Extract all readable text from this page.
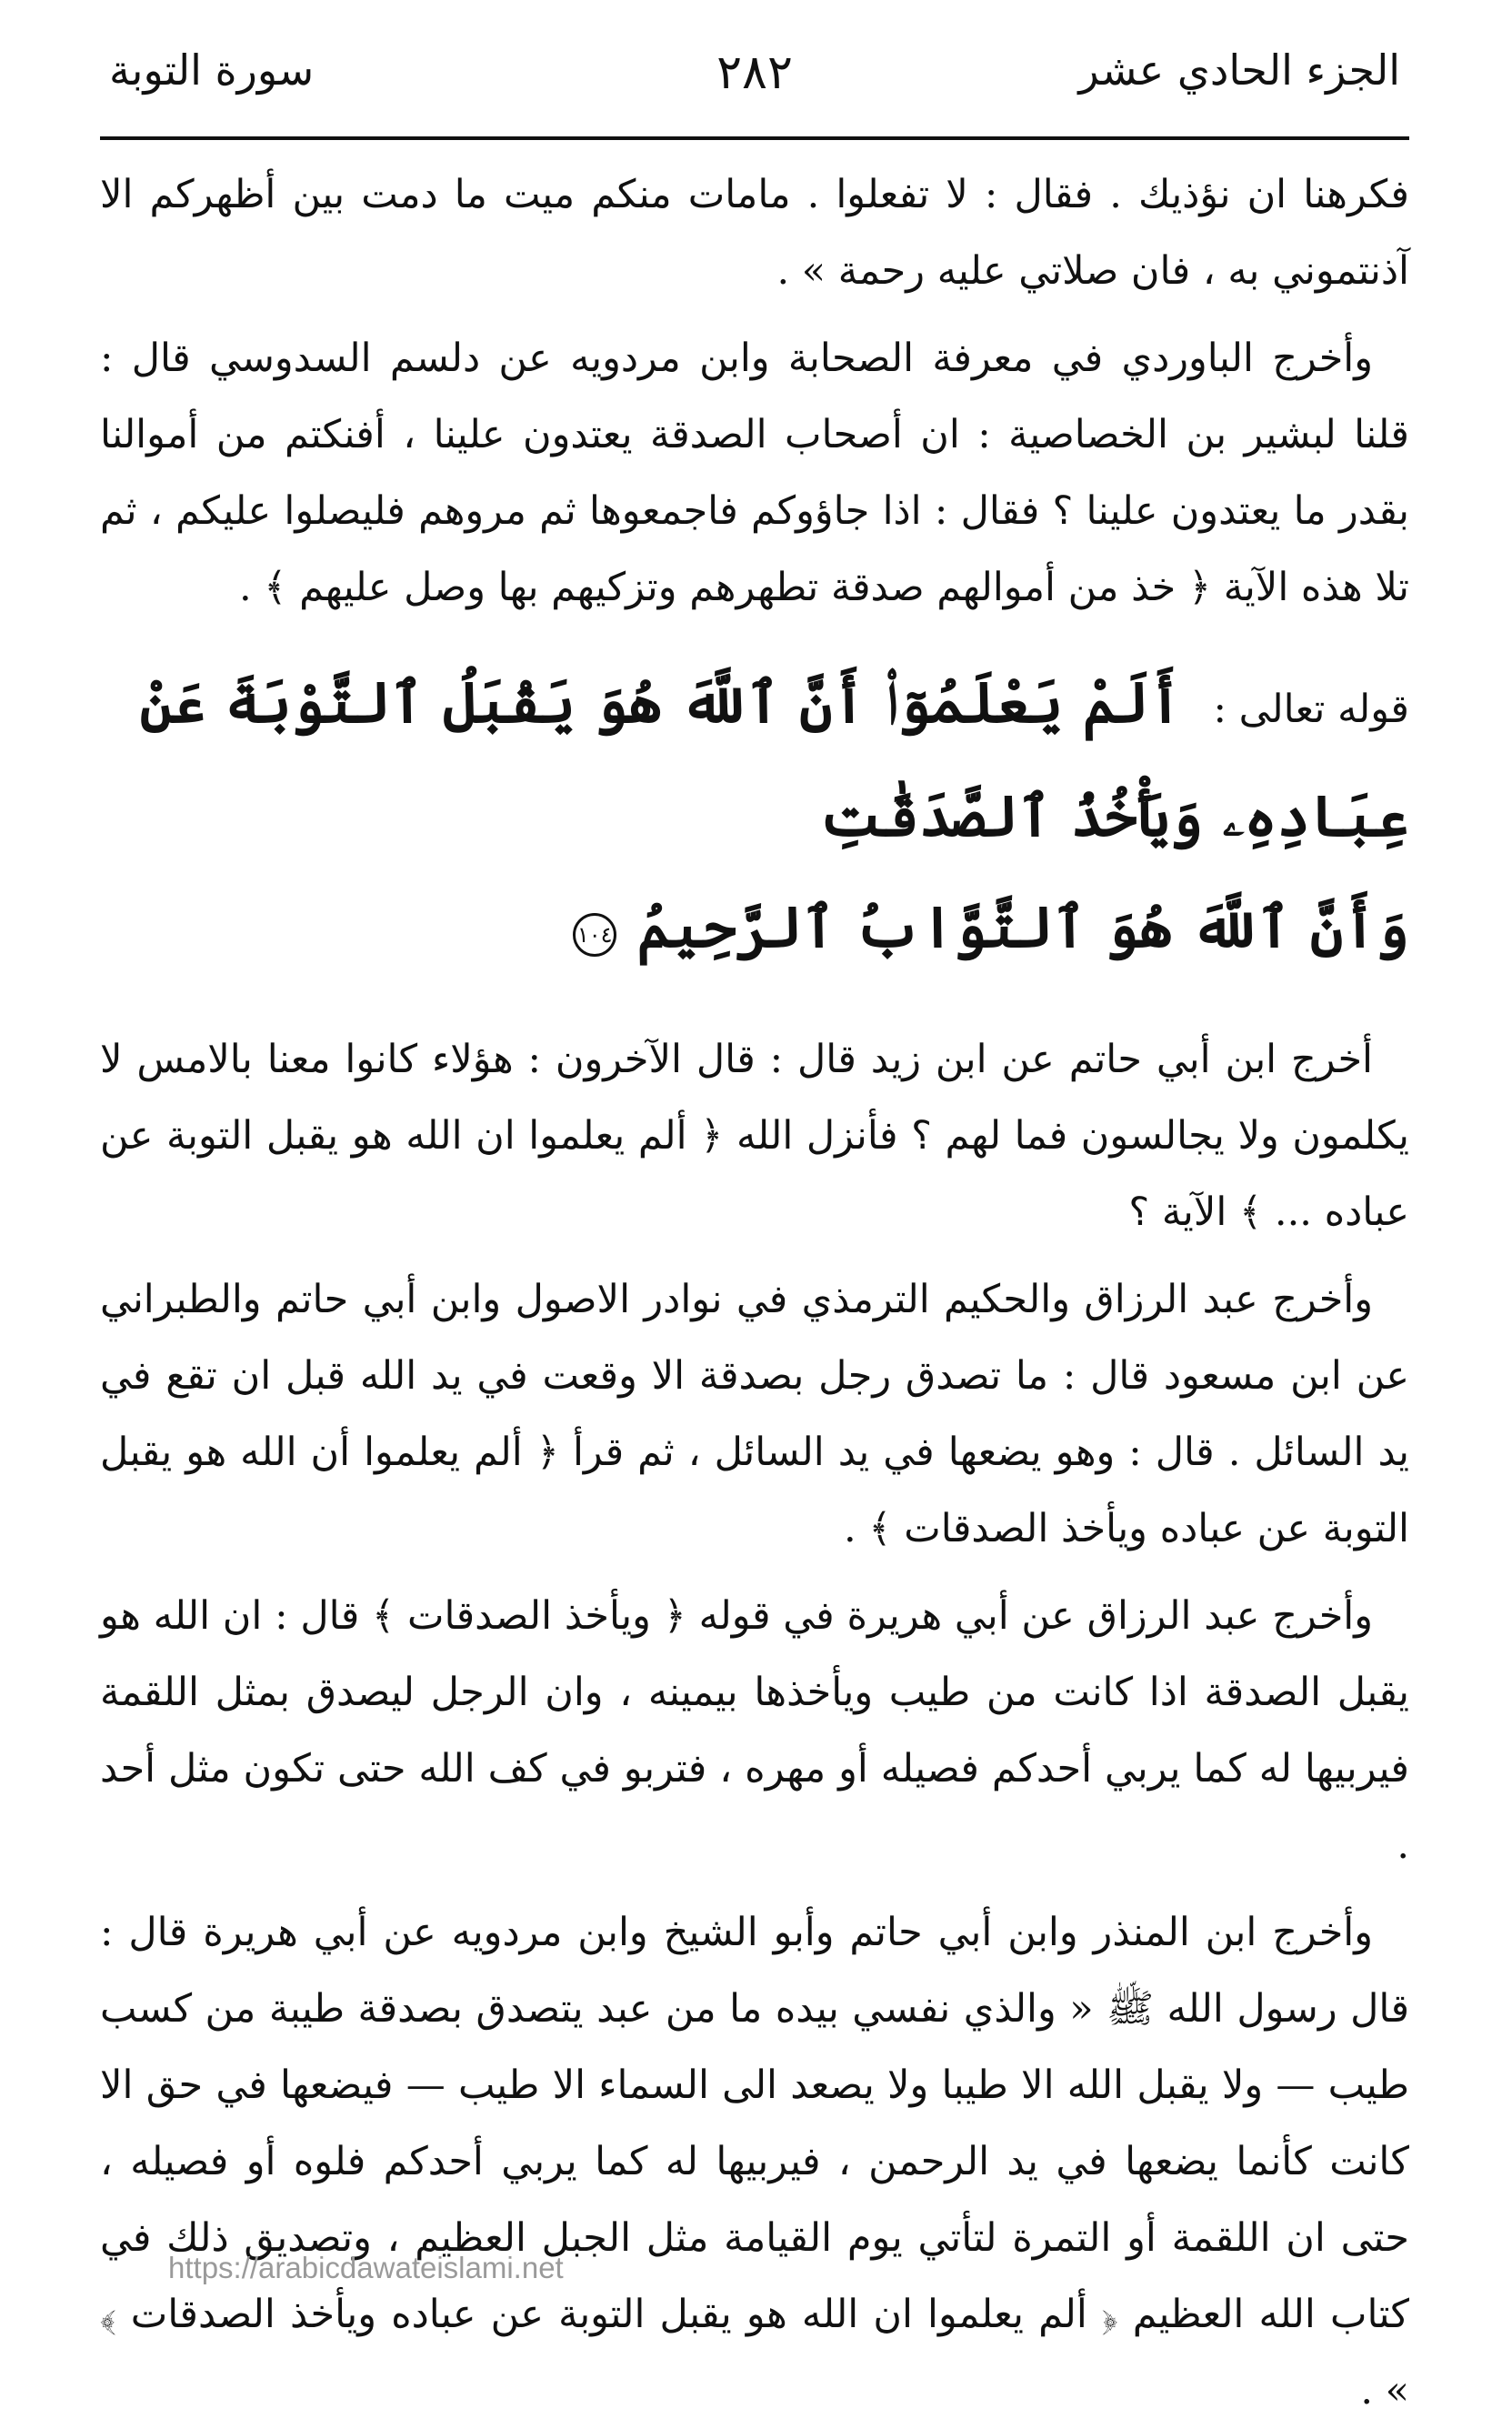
الجزء الحادي عشر
٢٨٢
سورة التوبة

فكرهنا ان نؤذيك . فقال : لا تفعلوا . مامات منكم ميت ما دمت بين أظهركم الا آذنتموني به ، فان صلاتي عليه رحمة » .

وأخرج الباوردي في معرفة الصحابة وابن مردويه عن دلسم السدوسي قال : قلنا لبشير بن الخصاصية : ان أصحاب الصدقة يعتدون علينا ، أفنكتم من أموالنا بقدر ما يعتدون علينا ؟ فقال : اذا جاؤوكم فاجمعوها ثم مروهم فليصلوا عليكم ، ثم تلا هذه الآية ﴿ خذ من أموالهم صدقة تطهرهم وتزكيهم بها وصل عليهم ﴾ .

قوله تعالى : أَلَمْ يَعْلَمُوٓا۟ أَنَّ ٱللَّهَ هُوَ يَقْبَلُ ٱلتَّوْبَةَ عَنْ عِبَادِهِۦ وَيَأْخُذُ ٱلصَّدَقَٰتِ
وَأَنَّ ٱللَّهَ هُوَ ٱلتَّوَّابُ ٱلرَّحِيمُ ١٠٤

أخرج ابن أبي حاتم عن ابن زيد قال : قال الآخرون : هؤلاء كانوا معنا بالامس لا يكلمون ولا يجالسون فما لهم ؟ فأنزل الله ﴿ ألم يعلموا ان الله هو يقبل التوبة عن عباده ... ﴾ الآية ؟

وأخرج عبد الرزاق والحكيم الترمذي في نوادر الاصول وابن أبي حاتم والطبراني عن ابن مسعود قال : ما تصدق رجل بصدقة الا وقعت في يد الله قبل ان تقع في يد السائل . قال : وهو يضعها في يد السائل ، ثم قرأ ﴿ ألم يعلموا أن الله هو يقبل التوبة عن عباده ويأخذ الصدقات ﴾ .

وأخرج عبد الرزاق عن أبي هريرة في قوله ﴿ ويأخذ الصدقات ﴾ قال : ان الله هو يقبل الصدقة اذا كانت من طيب ويأخذها بيمينه ، وان الرجل ليصدق بمثل اللقمة فيربيها له كما يربي أحدكم فصيله أو مهره ، فتربو في كف الله حتى تكون مثل أحد .

وأخرج ابن المنذر وابن أبي حاتم وأبو الشيخ وابن مردويه عن أبي هريرة قال : قال رسول الله ﷺ « والذي نفسي بيده ما من عبد يتصدق بصدقة طيبة من كسب طيب — ولا يقبل الله الا طيبا ولا يصعد الى السماء الا طيب — فيضعها في حق الا كانت كأنما يضعها في يد الرحمن ، فيربيها له كما يربي أحدكم فلوه أو فصيله ، حتى ان اللقمة أو التمرة لتأتي يوم القيامة مثل الجبل العظيم ، وتصديق ذلك في كتاب الله العظيم ﴿ ألم يعلموا ان الله هو يقبل التوبة عن عباده ويأخذ الصدقات ﴾ » .

https://arabicdawateislami.net
